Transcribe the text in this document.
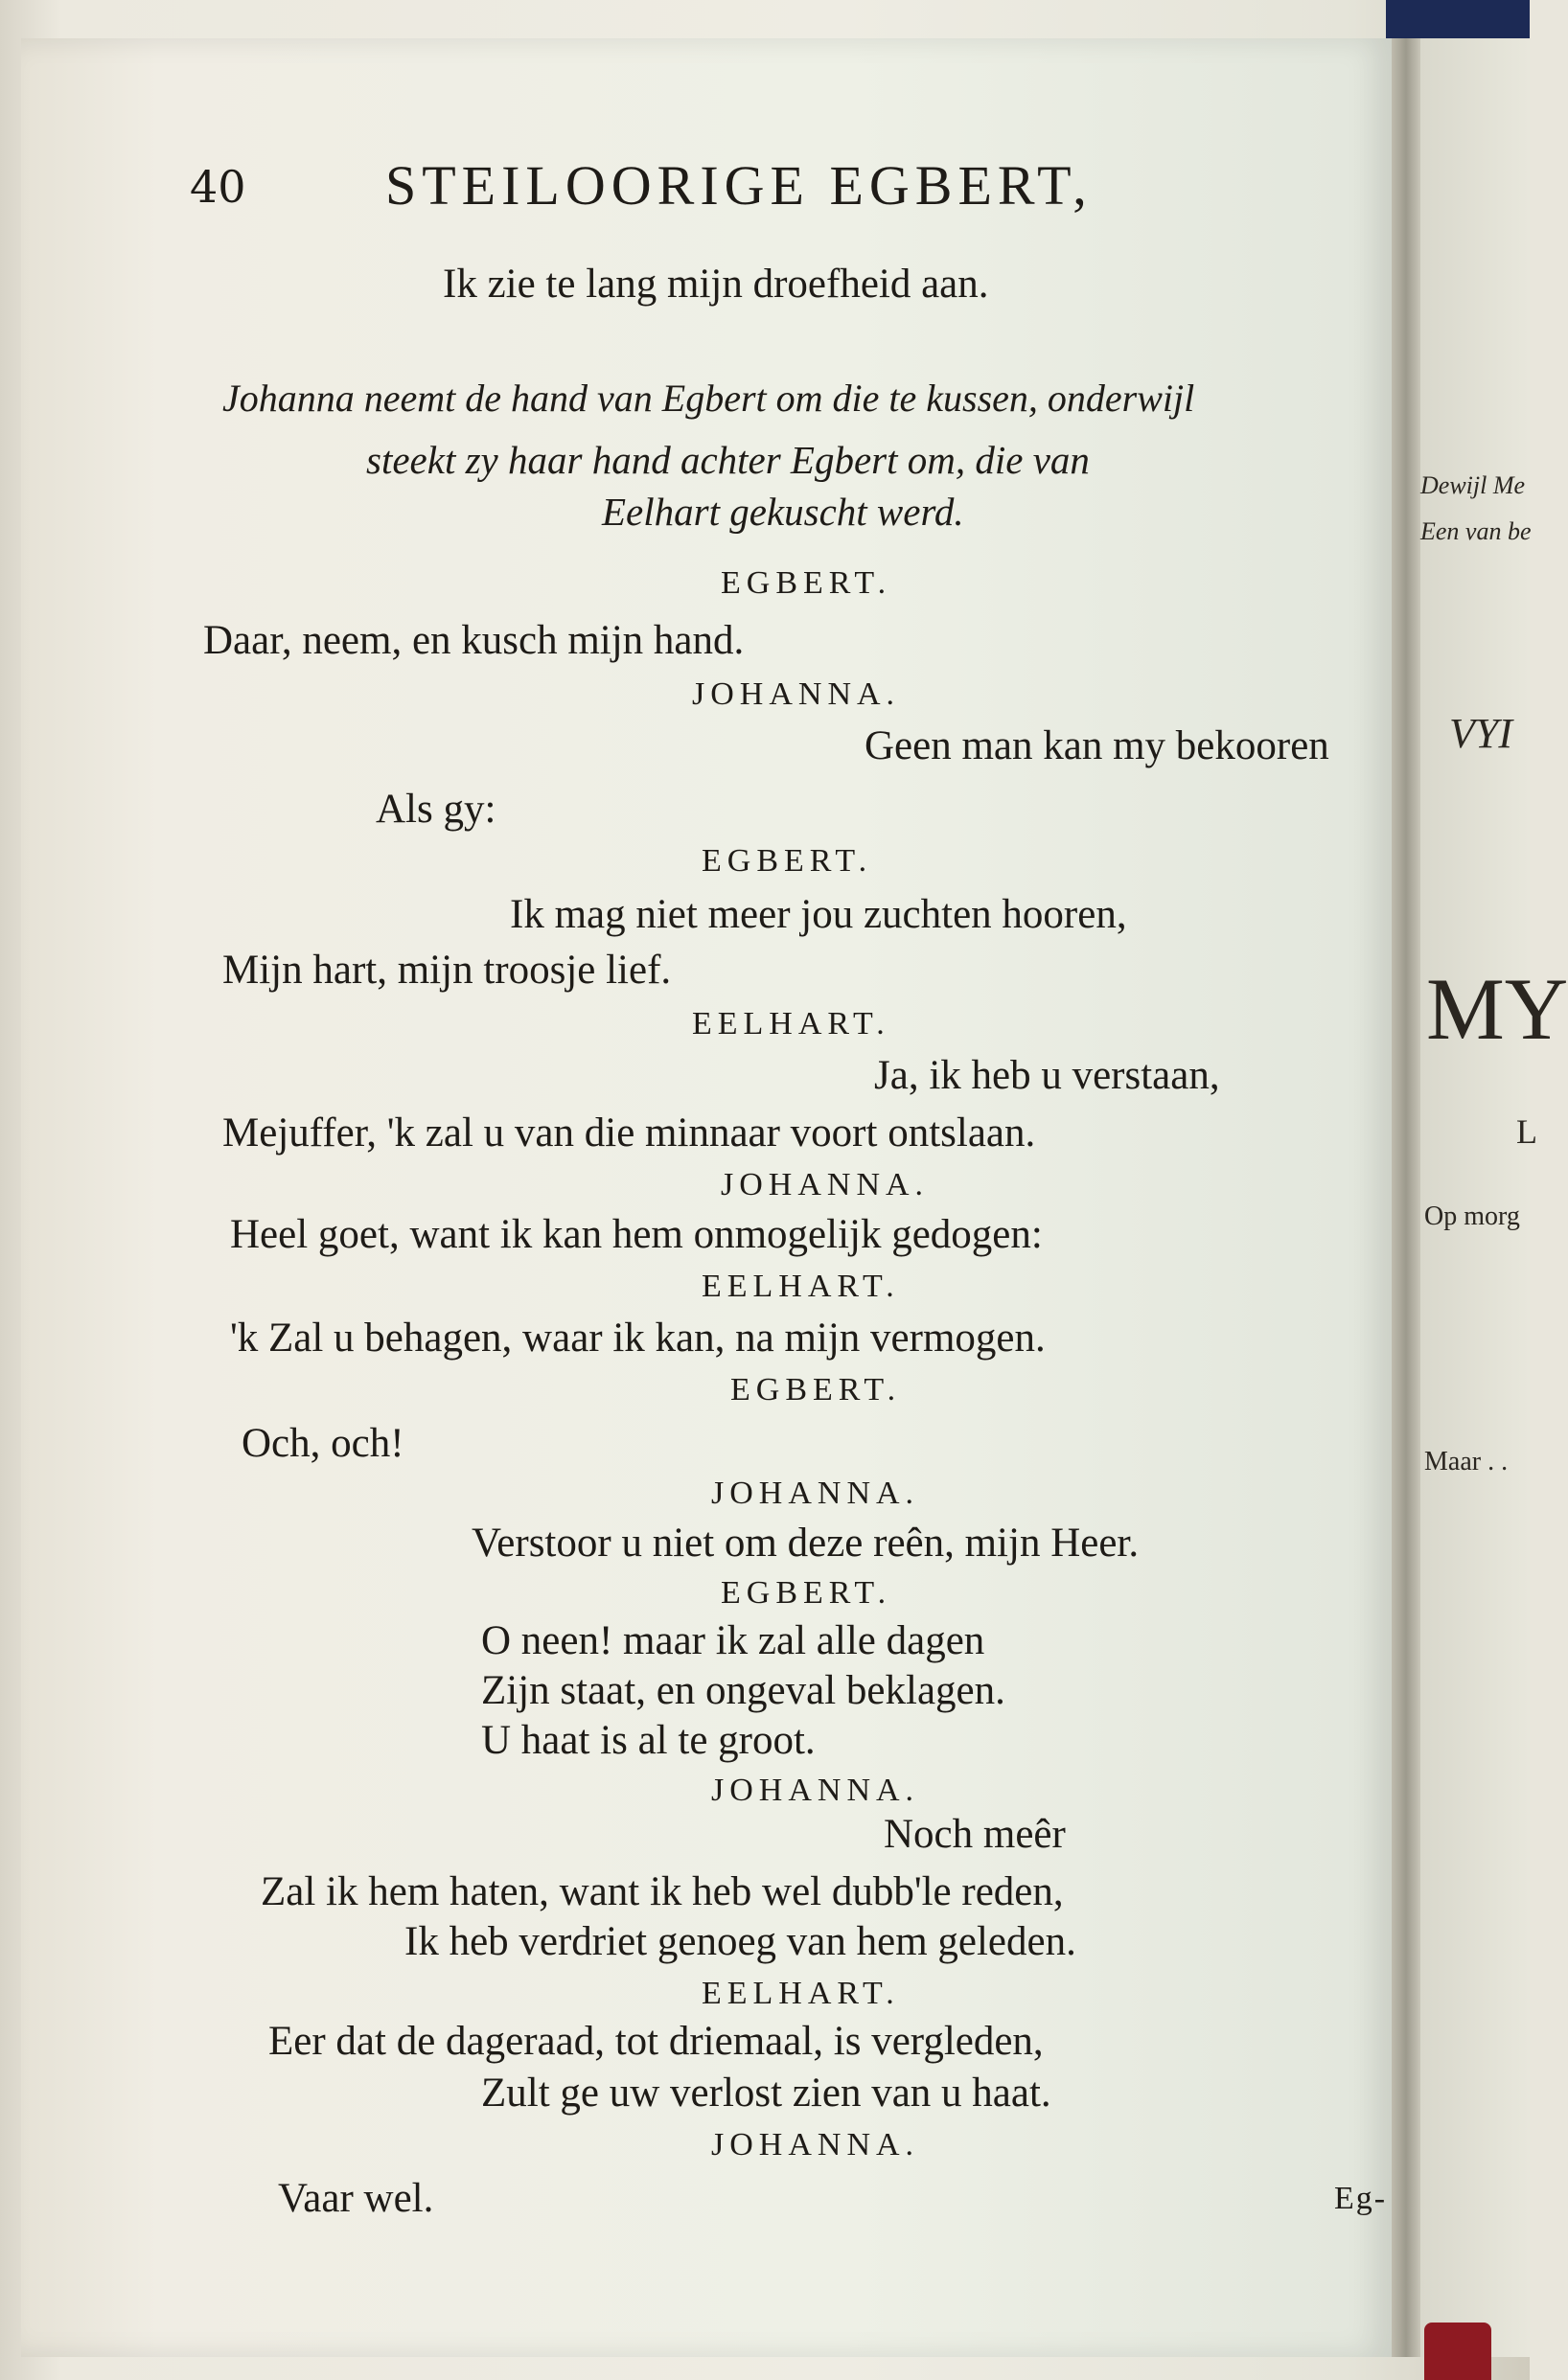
40	STEILOORIGE EGBERT,
Ik zie te lang mijn droefheid aan.
Johanna neemt de hand van Egbert om die te kussen, onderwijl
steekt zy haar hand achter Egbert om, die van
Eelhart gekuscht werd.
EGBERT.
Daar, neem, en kusch mijn hand.
JOHANNA.
Geen man kan my bekooren
Als gy:
EGBERT.
Ik mag niet meer jou zuchten hooren,
Mijn hart, mijn troosje lief.
EELHART.
Ja, ik heb u verstaan,
Mejuffer, 'k zal u van die minnaar voort ontslaan.
JOHANNA.
Heel goet, want ik kan hem onmogelijk gedogen:
EELHART.
'k Zal u behagen, waar ik kan, na mijn vermogen.
EGBERT.
Och, och!
JOHANNA.
Verstoor u niet om deze reên, mijn Heer.
EGBERT.
O neen! maar ik zal alle dagen
Zijn staat, en ongeval beklagen.
U haat is al te groot.
JOHANNA.
Noch meêr
Zal ik hem haten, want ik heb wel dubb'le reden,
Ik heb verdriet genoeg van hem geleden.
EELHART.
Eer dat de dageraad, tot driemaal, is vergleden,
Zult ge uw verlost zien van u haat.
JOHANNA.
Vaar wel.	Eg-
Dewijl Me
Een van be
VYI
MY
L
Op morg
Maar . .
